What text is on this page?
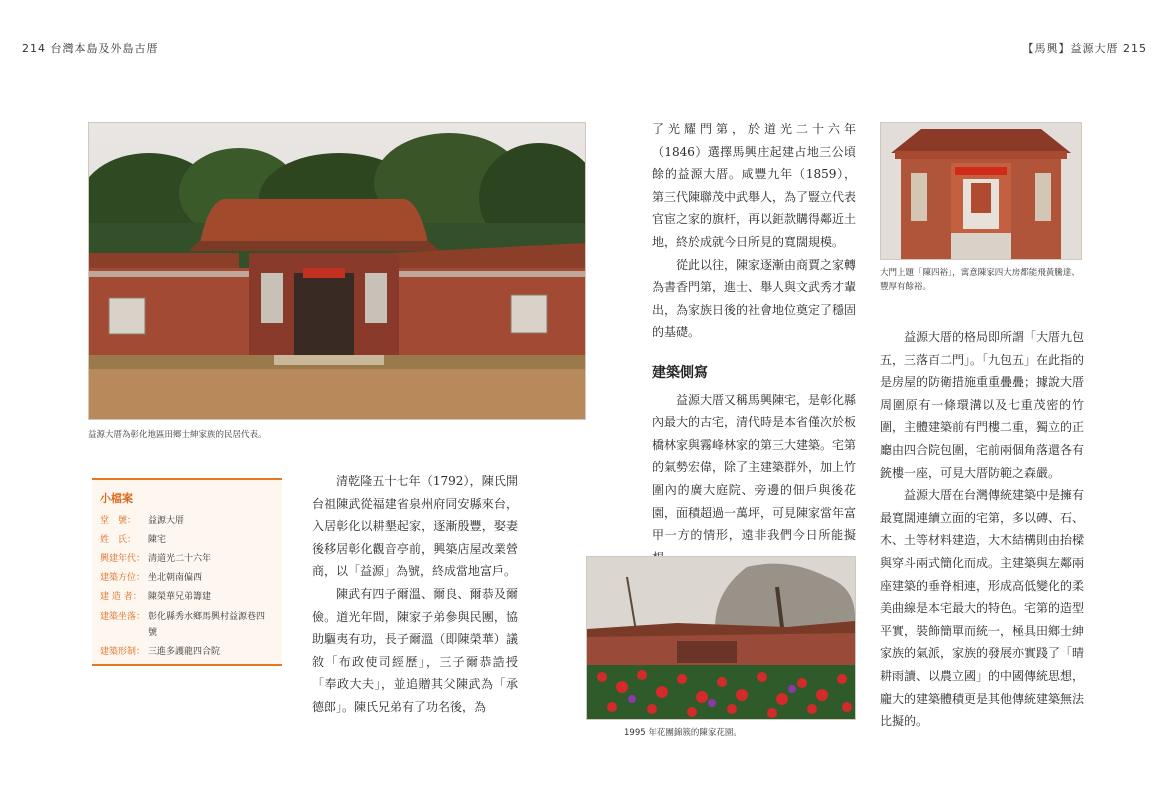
214 台灣本島及外島古厝	【馬興】益源大厝 215
益源大厝為彰化地區田鄉士紳家族的民居代表。
小檔案
堂　號：	益源大厝
姓　氏：	陳宅
興建年代： 清道光二十六年
建築方位： 坐北朝南偏西
建 造 者： 陳榮華兄弟籌建
建築坐落： 彰化縣秀水鄉馬興村益源巷四號
建築形制： 三進多護龍四合院

清乾隆五十七年（1792），陳氏開台祖陳武從福建省泉州府同安縣來台，入居彰化以耕墾起家，逐漸殷豐，娶妻後移居彰化觀音亭前，興築店屋改業營商，以「益源」為號，終成當地富戶。

陳武有四子爾溫、爾良、爾恭及爾儉。道光年間，陳家子弟參與民團，協助驅夷有功，長子爾溫（即陳榮華）議敘「布政使司經歷」，三子爾恭誥授「奉政大夫」，並追贈其父陳武為「承德郎」。陳氏兄弟有了功名後，為

了光耀門第，於道光二十六年（1846）選擇馬興庄起建占地三公頃餘的益源大厝。咸豐九年（1859），第三代陳聯茂中武舉人，為了豎立代表官宦之家的旗杆，再以鉅款購得鄰近土地，終於成就今日所見的寬闊規模。

從此以往，陳家逐漸由商賈之家轉為書香門第，進士、舉人與文武秀才輩出，為家族日後的社會地位奠定了穩固的基礎。

建築側寫

益源大厝又稱馬興陳宅，是彰化縣內最大的古宅，清代時是本省僅次於板橋林家與霧峰林家的第三大建築。宅第的氣勢宏偉，除了主建築群外，加上竹圍內的廣大庭院、旁邊的佃戶與後花園，面積超過一萬坪，可見陳家當年富甲一方的情形，遠非我們今日所能擬

1995 年花團錦簇的陳家花園。
大門上題「陳四裕」，寓意陳家四大房都能飛黃騰達、豐厚有餘裕。

益源大厝的格局即所謂「大厝九包五，三落百二門」。「九包五」在此指的是房屋的防衛措施重重疊疊；據說大厝周圍原有一條環溝以及七重茂密的竹圍，主體建築前有門樓二重，獨立的正廳由四合院包圍，宅前兩個角落還各有銃樓一座，可見大厝防範之森嚴。

益源大厝在台灣傳統建築中是擁有最寬闊連續立面的宅第，多以磚、石、木、土等材料建造，大木結構則由抬樑與穿斗兩式簡化而成。主建築與左鄰兩座建築的垂脊相連，形成高低變化的柔美曲線是本宅最大的特色。宅第的造型平實，裝飾簡單而統一，極具田鄉士紳家族的氣派，家族的發展亦實踐了「晴耕雨讀、以農立國」的中國傳統思想，龐大的建築體積更是其他傳統建築無法比擬的。
